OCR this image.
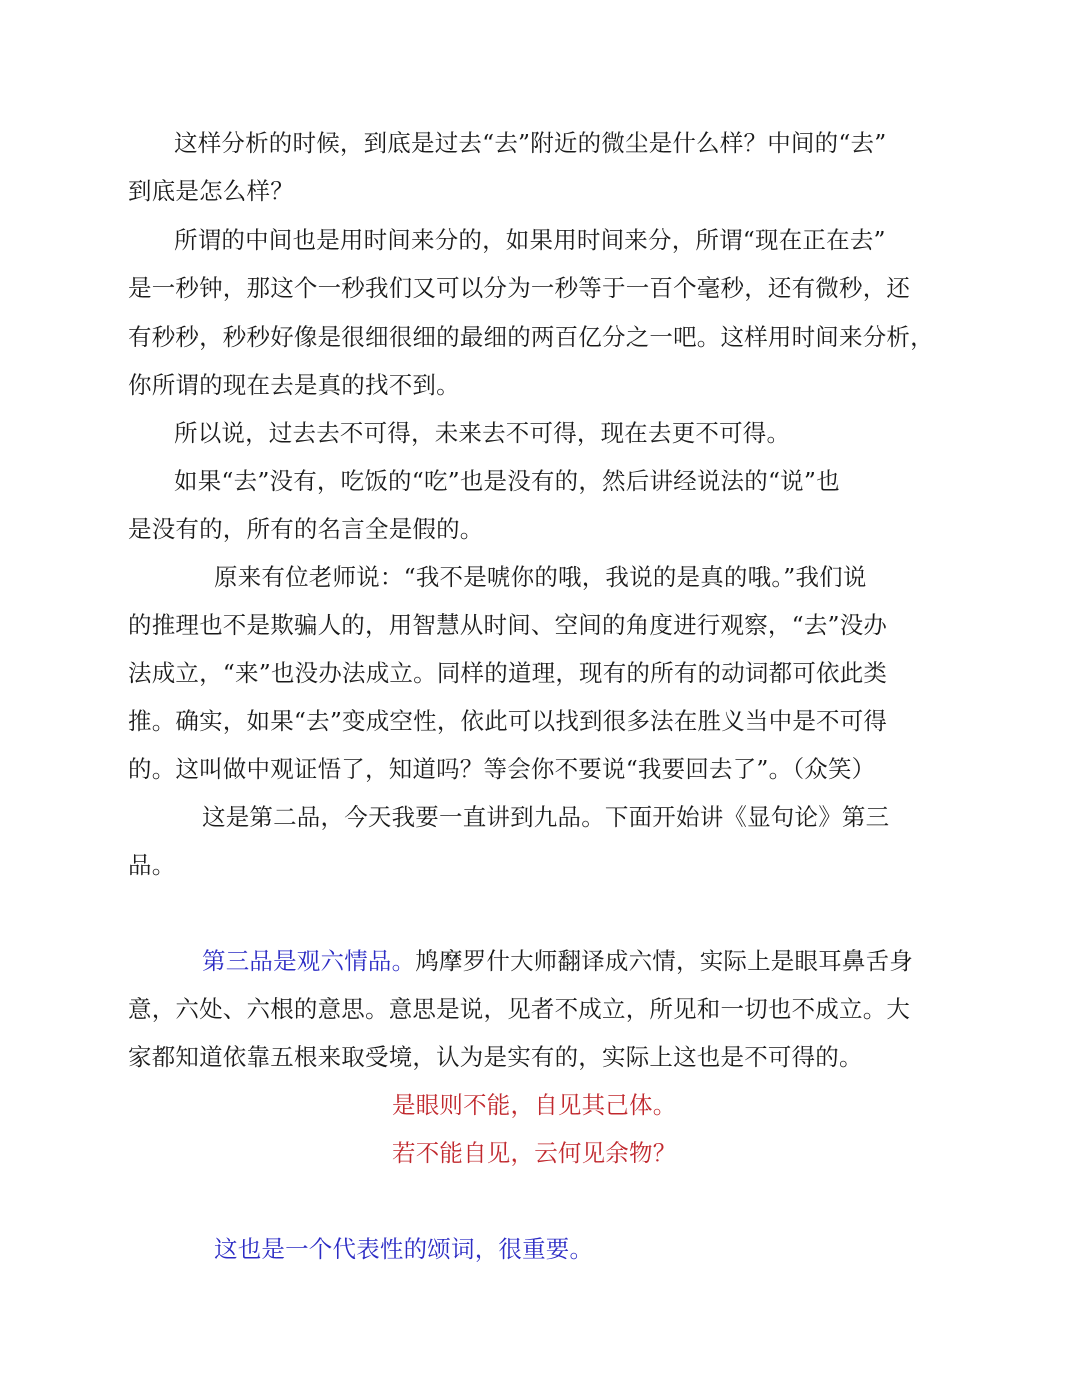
这样分析的时候，到底是过去“去”附近的微尘是什么样？中间的“去”
到底是怎么样？
所谓的中间也是用时间来分的，如果用时间来分，所谓“现在正在去”
是一秒钟，那这个一秒我们又可以分为一秒等于一百个毫秒，还有微秒，还
有秒秒，秒秒好像是很细很细的最细的两百亿分之一吧。这样用时间来分析，
你所谓的现在去是真的找不到。
所以说，过去去不可得，未来去不可得，现在去更不可得。
如果“去”没有，吃饭的“吃”也是没有的，然后讲经说法的“说”也
是没有的，所有的名言全是假的。
原来有位老师说：“我不是唬你的哦，我说的是真的哦。”我们说
的推理也不是欺骗人的，用智慧从时间、空间的角度进行观察，“去”没办
法成立，“来”也没办法成立。同样的道理，现有的所有的动词都可依此类
推。确实，如果“去”变成空性，依此可以找到很多法在胜义当中是不可得
的。这叫做中观证悟了，知道吗？等会你不要说“我要回去了”。（众笑）
这是第二品，今天我要一直讲到九品。下面开始讲《显句论》第三
品。
第三品是观六情品。鸠摩罗什大师翻译成六情，实际上是眼耳鼻舌身
意，六处、六根的意思。意思是说，见者不成立，所见和一切也不成立。大
家都知道依靠五根来取受境，认为是实有的，实际上这也是不可得的。
是眼则不能，自见其己体。
若不能自见，云何见余物？
这也是一个代表性的颂词，很重要。
